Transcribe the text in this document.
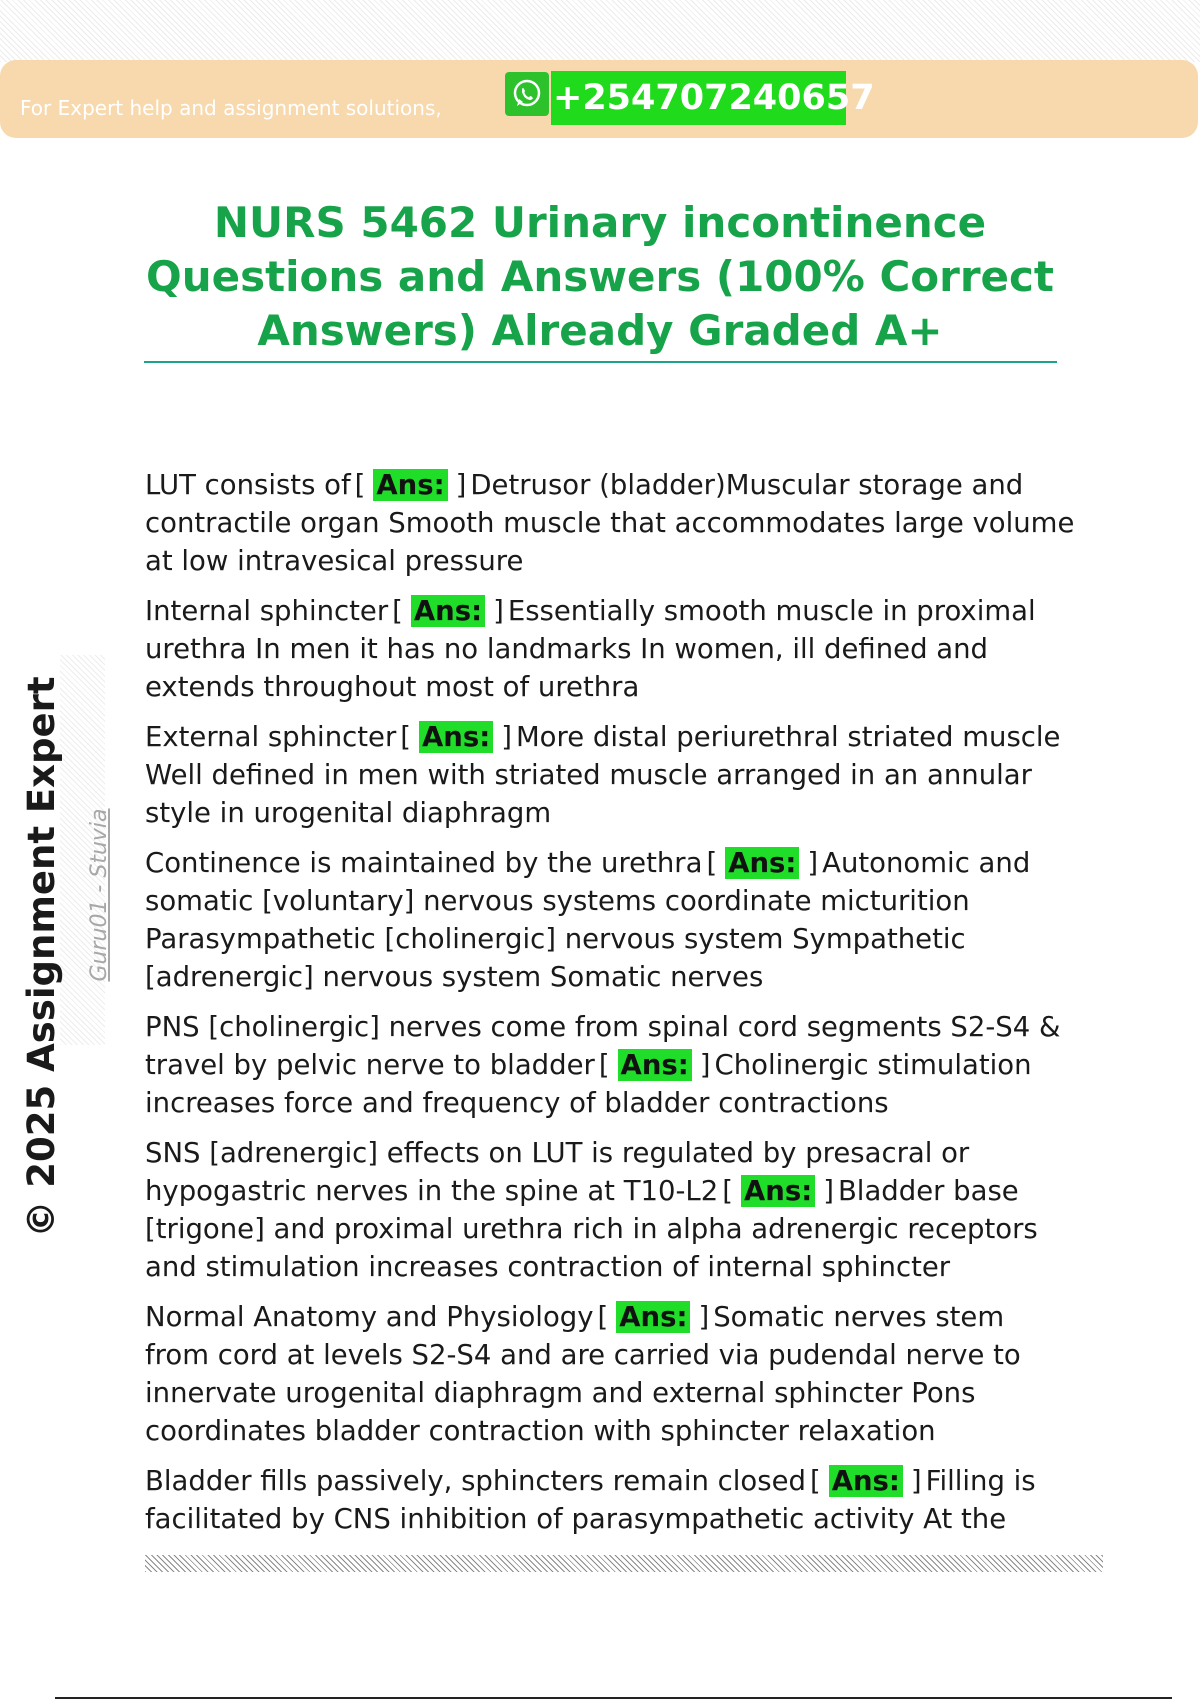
For Expert help and assignment solutions,	+254707240657
NURS 5462 Urinary incontinence Questions and Answers (100% Correct Answers) Already Graded A+

LUT consists of [ Ans: ] Detrusor (bladder)Muscular storage and contractile organ Smooth muscle that accommodates large volume at low intravesical pressure

Internal sphincter [ Ans: ] Essentially smooth muscle in proximal urethra In men it has no landmarks In women, ill defined and extends throughout most of urethra

External sphincter [ Ans: ] More distal periurethral striated muscle Well defined in men with striated muscle arranged in an annular style in urogenital diaphragm

Continence is maintained by the urethra [ Ans: ] Autonomic and somatic [voluntary] nervous systems coordinate micturition Parasympathetic [cholinergic] nervous system Sympathetic [adrenergic] nervous system Somatic nerves

PNS [cholinergic] nerves come from spinal cord segments S2-S4 & travel by pelvic nerve to bladder [ Ans: ] Cholinergic stimulation increases force and frequency of bladder contractions

SNS [adrenergic] effects on LUT is regulated by presacral or hypogastric nerves in the spine at T10-L2 [ Ans: ] Bladder base [trigone] and proximal urethra rich in alpha adrenergic receptors and stimulation increases contraction of internal sphincter

Normal Anatomy and Physiology [ Ans: ] Somatic nerves stem from cord at levels S2-S4 and are carried via pudendal nerve to innervate urogenital diaphragm and external sphincter Pons coordinates bladder contraction with sphincter relaxation

Bladder fills passively, sphincters remain closed [ Ans: ] Filling is facilitated by CNS inhibition of parasympathetic activity At the

© 2025 Assignment Expert Guru01 - Stuvia
